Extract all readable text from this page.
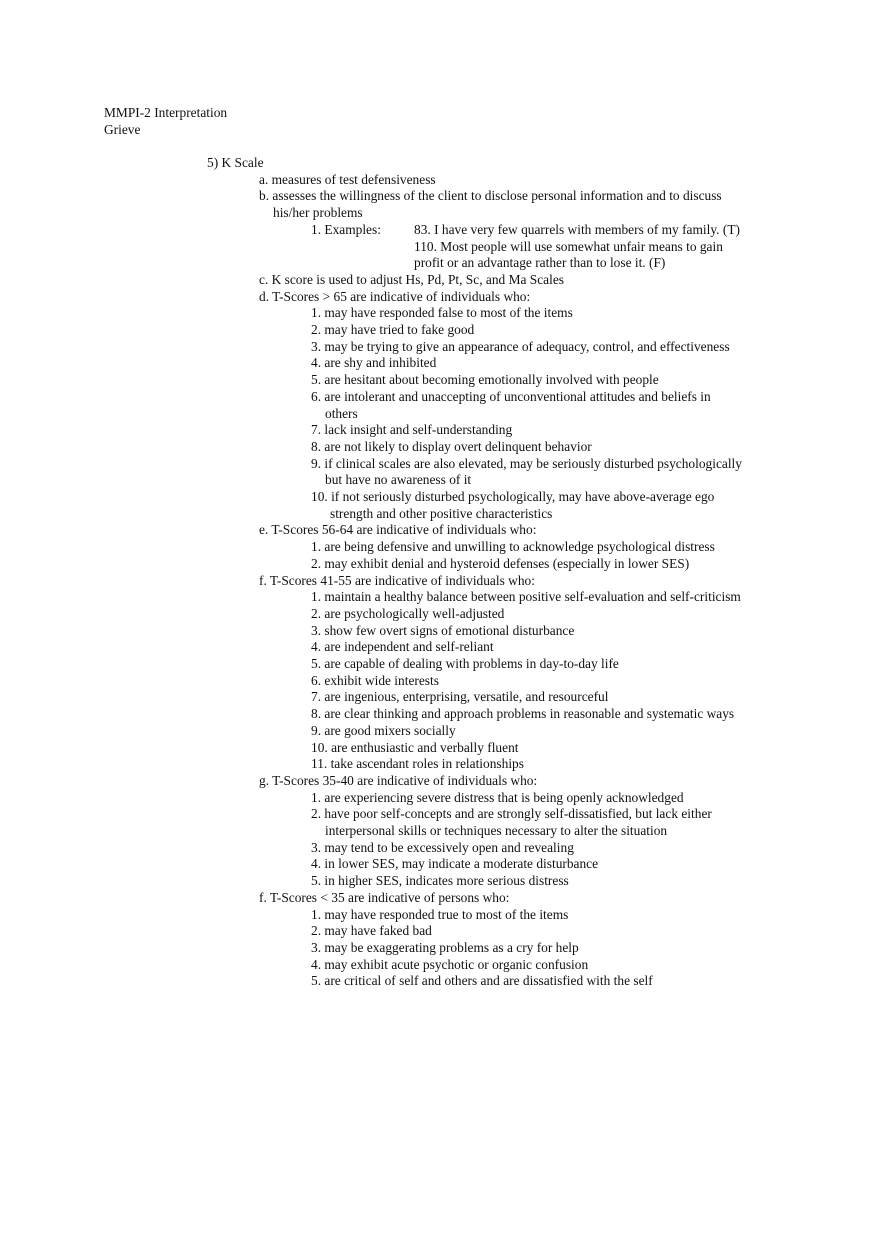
MMPI-2 Interpretation
Grieve
5) K Scale
a. measures of test defensiveness
b. assesses the willingness of the client to disclose personal information and to discuss
his/her problems
1. Examples: 83. I have very few quarrels with members of my family. (T)
110. Most people will use somewhat unfair means to gain
profit or an advantage rather than to lose it. (F)
c. K score is used to adjust Hs, Pd, Pt, Sc, and Ma Scales
d. T-Scores > 65 are indicative of individuals who:
1. may have responded false to most of the items
2. may have tried to fake good
3. may be trying to give an appearance of adequacy, control, and effectiveness
4. are shy and inhibited
5. are hesitant about becoming emotionally involved with people
6. are intolerant and unaccepting of unconventional attitudes and beliefs in
others
7. lack insight and self-understanding
8. are not likely to display overt delinquent behavior
9. if clinical scales are also elevated, may be seriously disturbed psychologically
but have no awareness of it
10. if not seriously disturbed psychologically, may have above-average ego
strength and other positive characteristics
e. T-Scores 56-64 are indicative of individuals who:
1. are being defensive and unwilling to acknowledge psychological distress
2. may exhibit denial and hysteroid defenses (especially in lower SES)
f. T-Scores 41-55 are indicative of individuals who:
1. maintain a healthy balance between positive self-evaluation and self-criticism
2. are psychologically well-adjusted
3. show few overt signs of emotional disturbance
4. are independent and self-reliant
5. are capable of dealing with problems in day-to-day life
6. exhibit wide interests
7. are ingenious, enterprising, versatile, and resourceful
8. are clear thinking and approach problems in reasonable and systematic ways
9. are good mixers socially
10. are enthusiastic and verbally fluent
11. take ascendant roles in relationships
g. T-Scores 35-40 are indicative of individuals who:
1. are experiencing severe distress that is being openly acknowledged
2. have poor self-concepts and are strongly self-dissatisfied, but lack either
interpersonal skills or techniques necessary to alter the situation
3. may tend to be excessively open and revealing
4. in lower SES, may indicate a moderate disturbance
5. in higher SES, indicates more serious distress
f. T-Scores < 35 are indicative of persons who:
1. may have responded true to most of the items
2. may have faked bad
3. may be exaggerating problems as a cry for help
4. may exhibit acute psychotic or organic confusion
5. are critical of self and others and are dissatisfied with the self
